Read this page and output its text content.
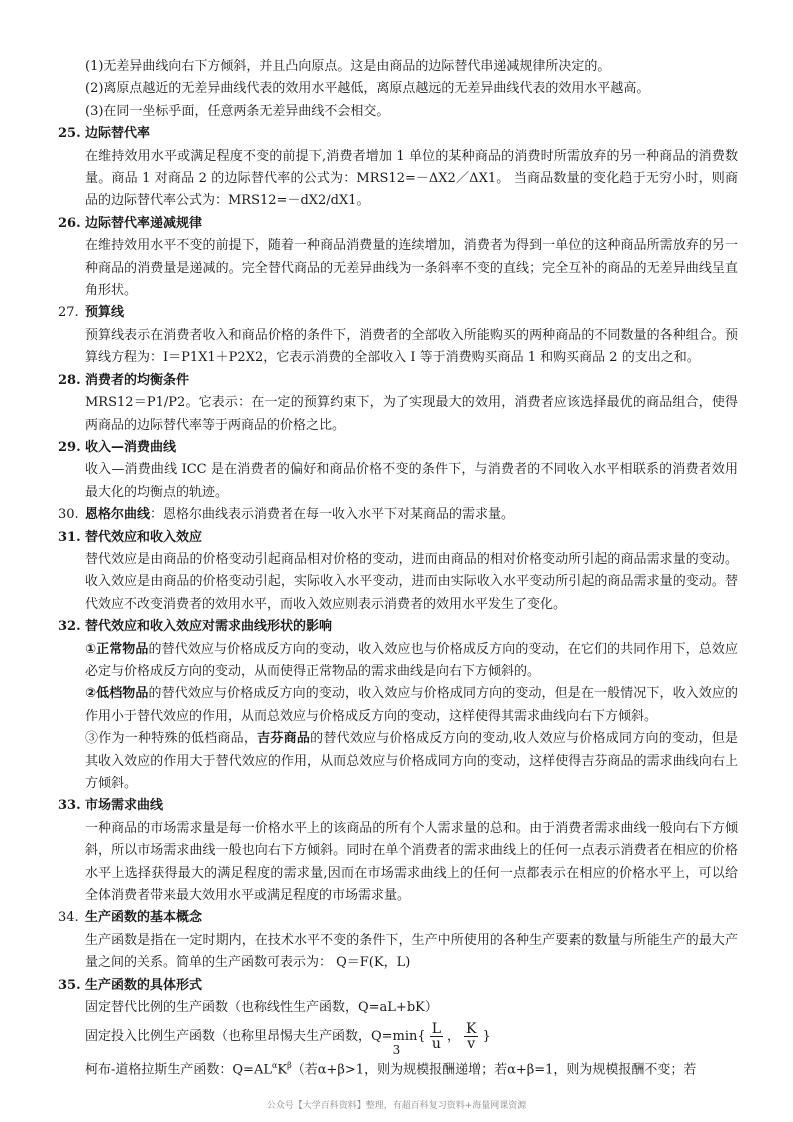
(1)无差异曲线向右下方倾斜，并且凸向原点。这是由商品的边际替代串递减规律所决定的。

(2)离原点越近的无差异曲线代表的效用水平越低，离原点越远的无差异曲线代表的效用水平越高。

(3)在同一坐标乎面，任意两条无差异曲线不会相交。

25. 边际替代率

在维持效用水平或满足程度不变的前提下,消费者增加 1 单位的某种商品的消费时所需放弃的另一种商品的消费数量。商品 1 对商品 2 的边际替代率的公式为：MRS12=－ΔX2／ΔX1。 当商品数量的变化趋于无穷小时，则商品的边际替代率公式为：MRS12=－dX2/dX1。

26. 边际替代率递减规律

在维持效用水平不变的前提下，随着一种商品消费量的连续增加，消费者为得到一单位的这种商品所需放弃的另一种商品的消费量是递减的。完全替代商品的无差异曲线为一条斜率不变的直线；完全互补的商品的无差异曲线呈直角形状。

27. 预算线

预算线表示在消费者收入和商品价格的条件下，消费者的全部收入所能购买的两种商品的不同数量的各种组合。预算线方程为：I＝P1X1＋P2X2，它表示消费的全部收入 I 等于消费购买商品 1 和购买商品 2 的支出之和。

28. 消费者的均衡条件

MRS12＝P1/P2。它表示：在一定的预算约束下，为了实现最大的效用，消费者应该选择最优的商品组合，使得两商品的边际替代率等于两商品的价格之比。

29. 收入—消费曲线

收入—消费曲线 ICC 是在消费者的偏好和商品价格不变的条件下，与消费者的不同收入水平相联系的消费者效用最大化的均衡点的轨迹。

30. 恩格尔曲线：恩格尔曲线表示消费者在每一收入水平下对某商品的需求量。

31. 替代效应和收入效应

替代效应是由商品的价格变动引起商品相对价格的变动，进而由商品的相对价格变动所引起的商品需求量的变动。收入效应是由商品的价格变动引起，实际收入水平变动，进而由实际收入水平变动所引起的商品需求量的变动。替代效应不改变消费者的效用水平，而收入效应则表示消费者的效用水平发生了变化。

32. 替代效应和收入效应对需求曲线形状的影响

①正常物品的替代效应与价格成反方向的变动，收入效应也与价格成反方向的变动，在它们的共同作用下，总效应必定与价格成反方向的变动，从而使得正常物品的需求曲线是向右下方倾斜的。

②低档物品的替代效应与价格成反方向的变动，收入效应与价格成同方向的变动，但是在一般情况下，收入效应的作用小于替代效应的作用，从而总效应与价格成反方向的变动，这样使得其需求曲线向右下方倾斜。

③作为一种特殊的低档商品，吉芬商品的替代效应与价格成反方向的变动,收人效应与价格成同方向的变动，但是其收入效应的作用大于替代效应的作用，从而总效应与价格成同方向的变动，这样使得吉芬商品的需求曲线向右上方倾斜。

33. 市场需求曲线

一种商品的市场需求量是每一价格水平上的该商品的所有个人需求量的总和。由于消费者需求曲线一般向右下方倾斜，所以市场需求曲线一般也向右下方倾斜。同时在单个消费者的需求曲线上的任何一点表示消费者在相应的价格水平上选择获得最大的满足程度的需求量,因而在市场需求曲线上的任何一点都表示在相应的价格水平上，可以给全体消费者带来最大效用水平或满足程度的市场需求量。

34. 生产函数的基本概念

生产函数是指在一定时期内，在技术水平不变的条件下，生产中所使用的各种生产要素的数量与所能生产的最大产量之间的关系。简单的生产函数可表示为： Q＝F(K，L)

35. 生产函数的具体形式

固定替代比例的生产函数（也称线性生产函数，Q=aL+bK）

固定投入比例生产函数（也称里昂惕夫生产函数，$Q=\min\{ \frac{L}{u}$ ， $\frac{K}{v}$ }

柯布-道格拉斯生产函数：$Q=AL^\alpha K^\beta$（若α+β>1，则为规模报酬递增；若α+β=1，则为规模报酬不变；若

3
公众号【大学百科资料】整理，有超百科复习资料+海量网课资源
